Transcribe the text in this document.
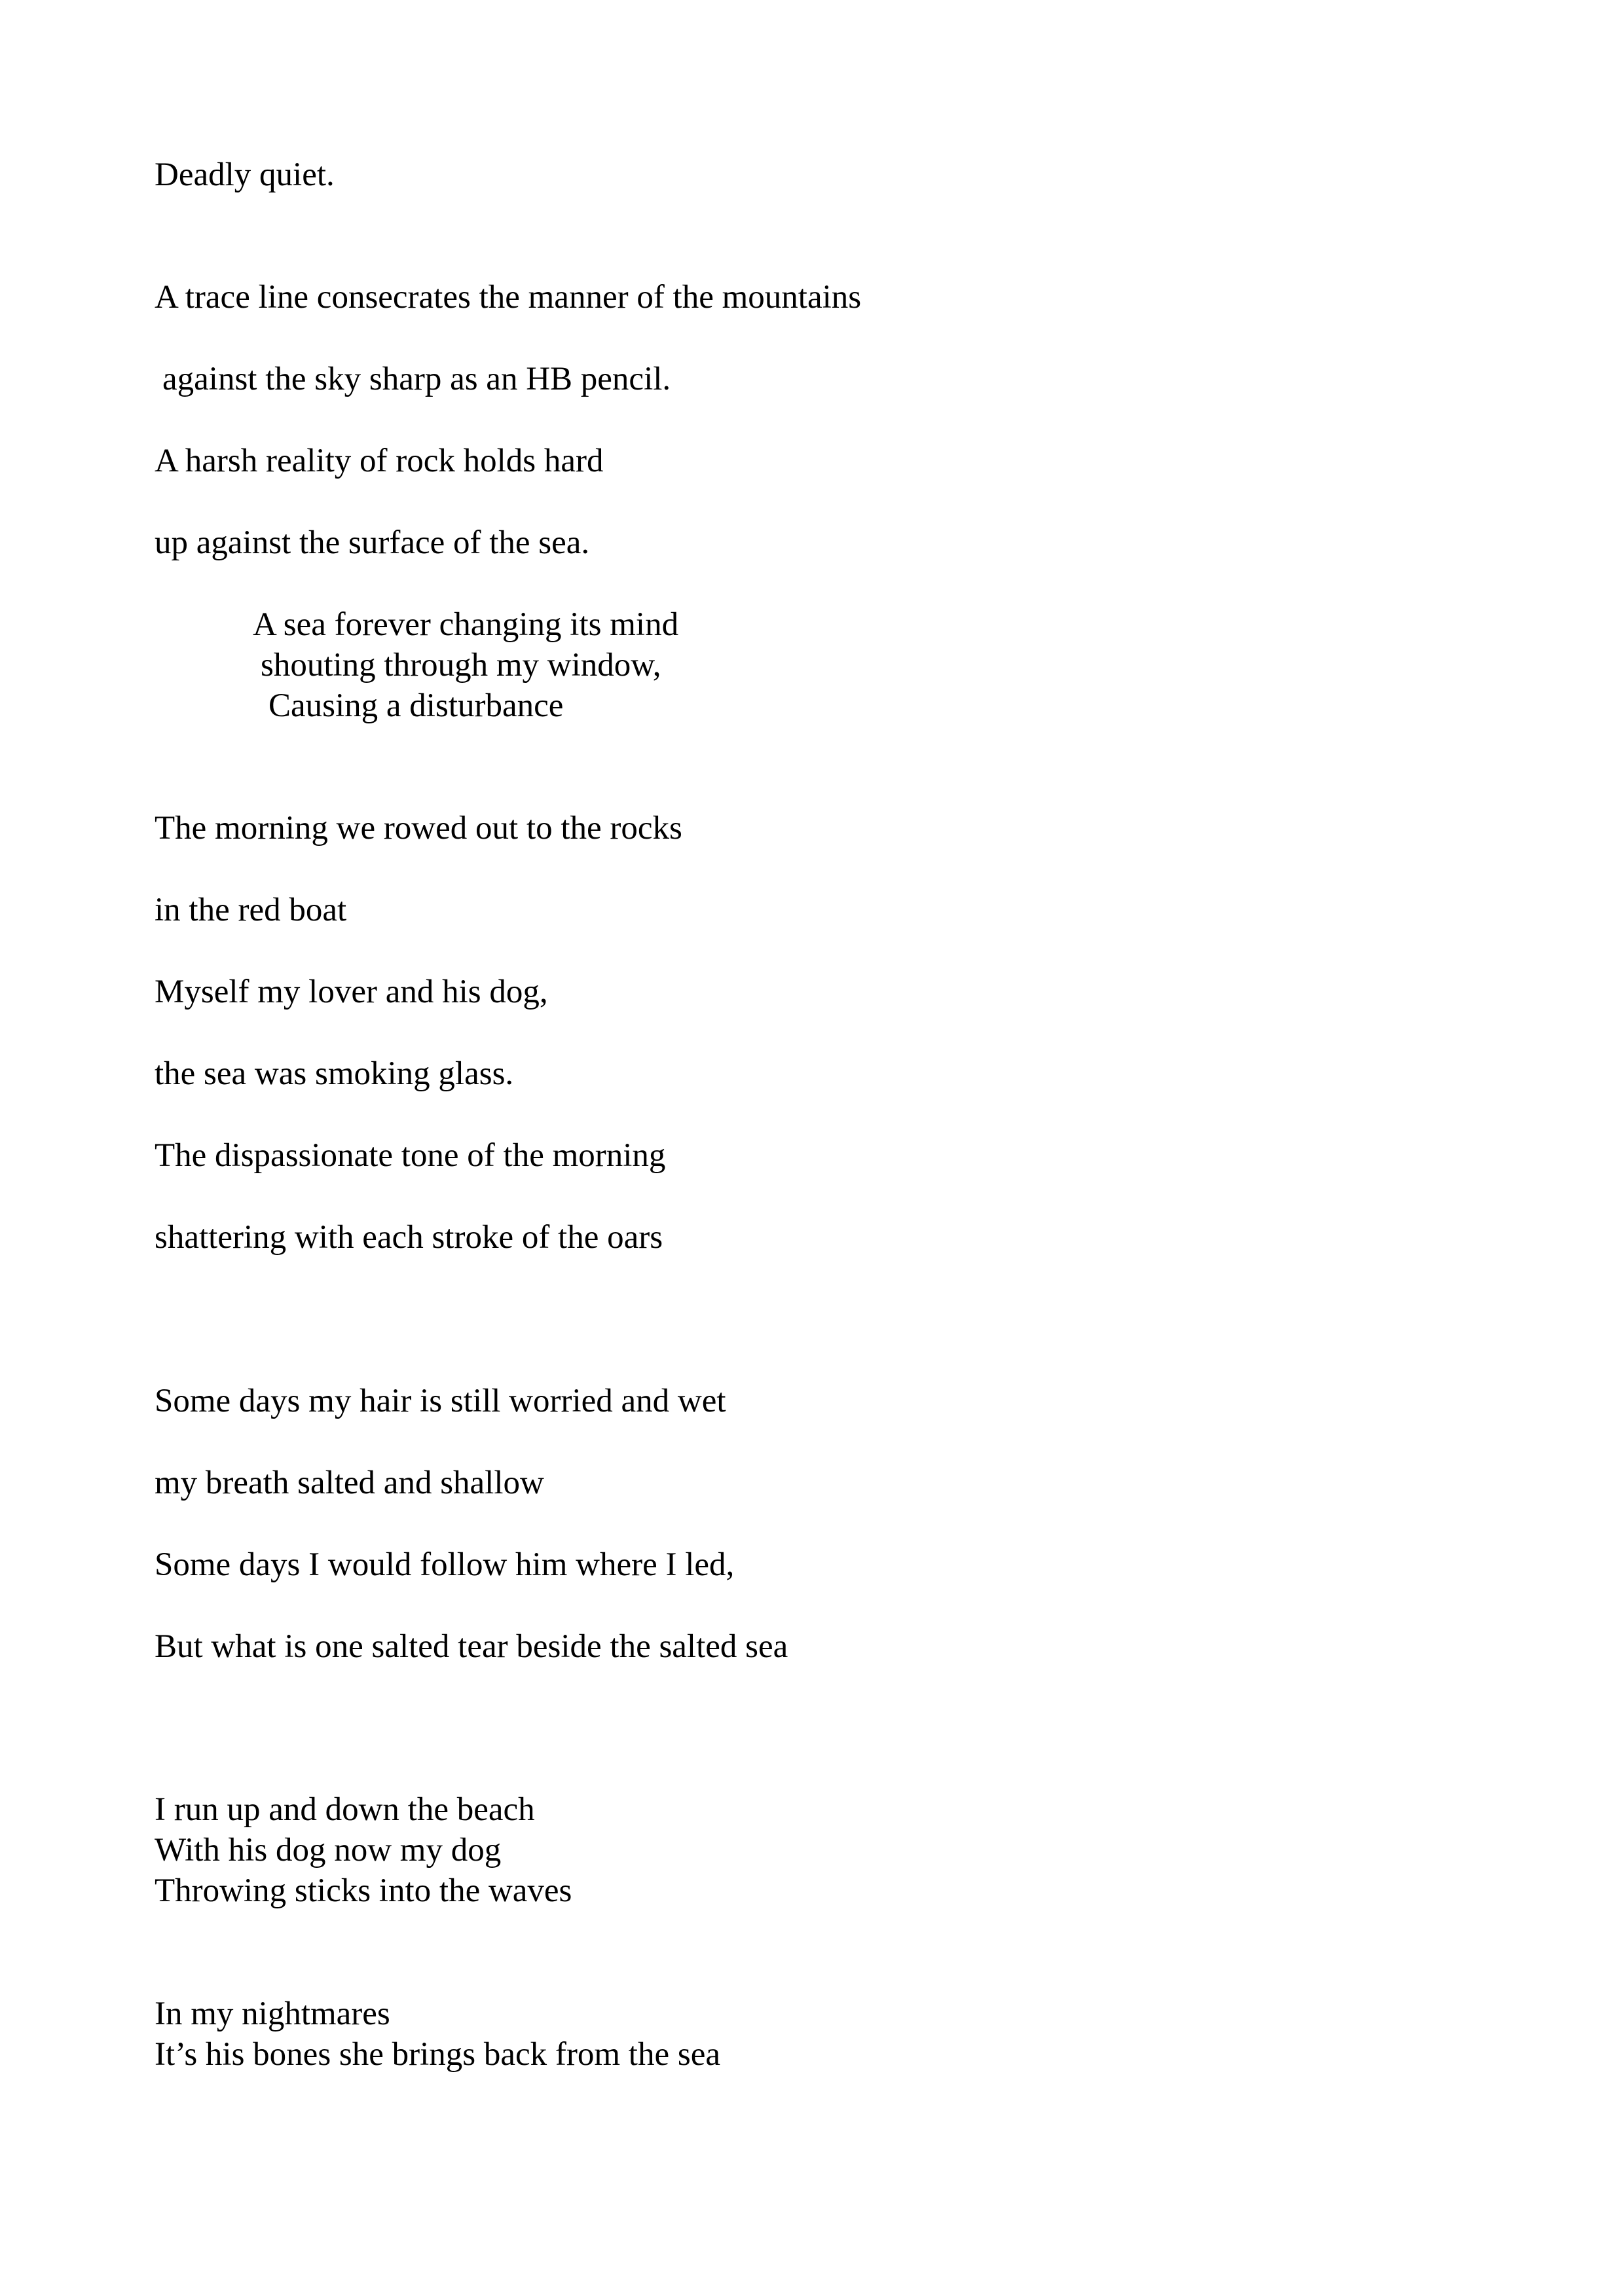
Deadly quiet.
A trace line consecrates the manner of the mountains
against the sky sharp as an HB pencil.
A harsh reality of rock holds hard
up against the surface of the sea.
A sea forever changing its mind
shouting through my window,
Causing a disturbance
The morning we rowed out to the rocks
in the red boat
Myself my lover and his dog,
the sea was smoking glass.
The dispassionate tone of the morning
shattering with each stroke of the oars
Some days my hair is still worried and wet
my breath salted and shallow
Some days I would follow him where I led,
But what is one salted tear beside the salted sea
I run up and down the beach
With his dog now my dog
Throwing sticks into the waves
In my nightmares
It’s his bones she brings back from the sea
